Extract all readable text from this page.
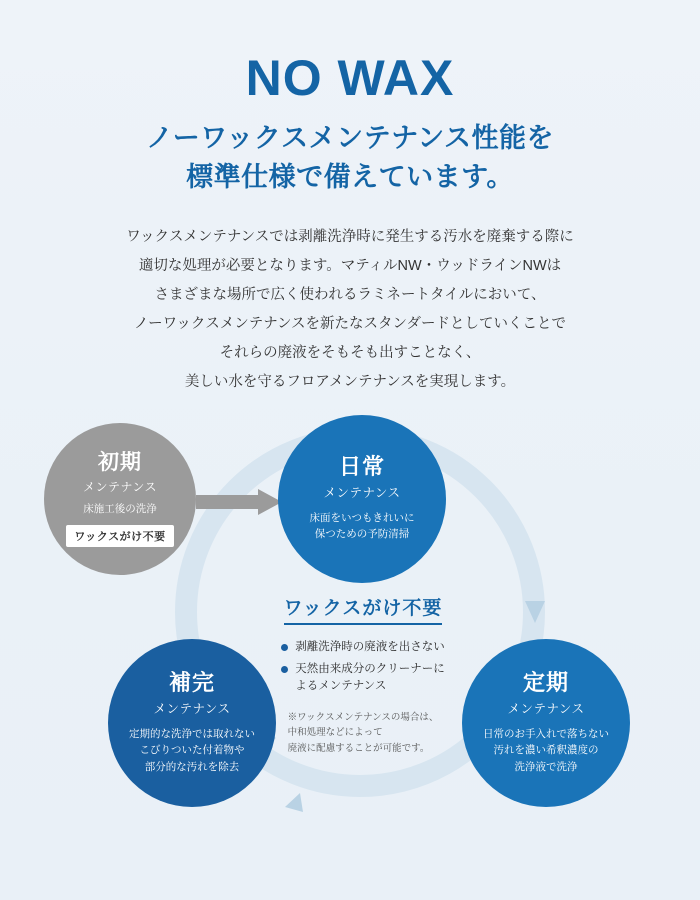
NO WAX
ノーワックスメンテナンス性能を
標準仕様で備えています。
ワックスメンテナンスでは剥離洗浄時に発生する汚水を廃棄する際に
適切な処理が必要となります。マティルNW・ウッドラインNWは
さまざまな場所で広く使われるラミネートタイルにおいて、
ノーワックスメンテナンスを新たなスタンダードとしていくことで
それらの廃液をそもそも出すことなく、
美しい水を守るフロアメンテナンスを実現します。
初期
メンテナンス
床施工後の洗浄
ワックスがけ不要
日常
メンテナンス
床面をいつもきれいに
保つための予防清掃
定期
メンテナンス
日常のお手入れで落ちない
汚れを濃い希釈濃度の
洗浄液で洗浄
補完
メンテナンス
定期的な洗浄では取れない
こびりついた付着物や
部分的な汚れを除去
ワックスがけ不要
剥離洗浄時の廃液を出さない
天然由来成分のクリーナーに
よるメンテナンス

※ワックスメンテナンスの場合は、
中和処理などによって
廃液に配慮することが可能です。
